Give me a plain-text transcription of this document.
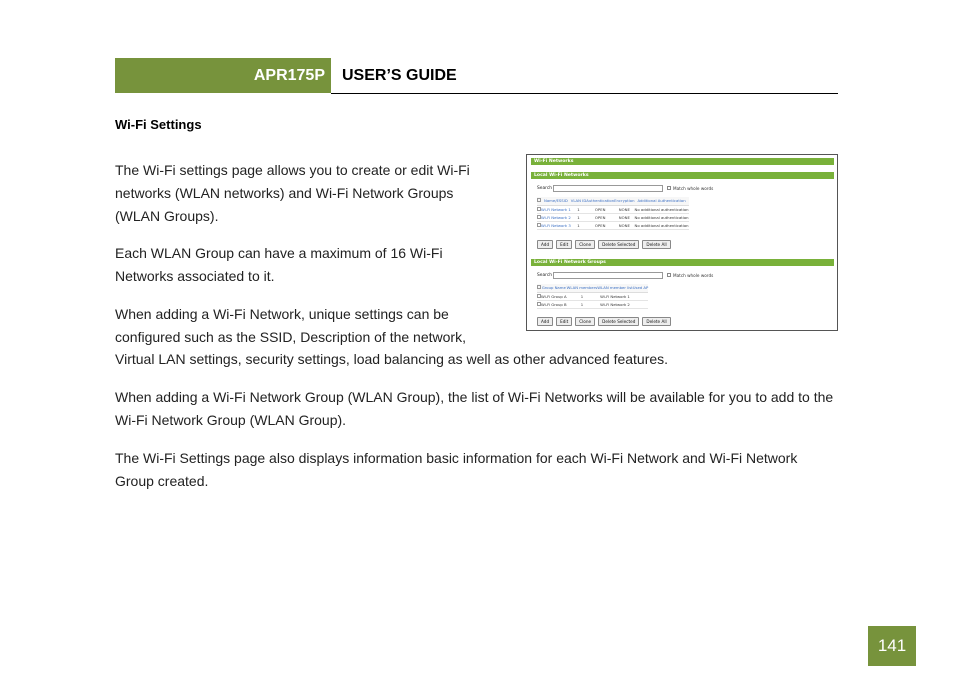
APR175P	USER’S GUIDE
Wi-Fi Settings

The Wi-Fi settings page allows you to create or edit Wi-Fi networks (WLAN networks) and Wi-Fi Network Groups (WLAN Groups).

Each WLAN Group can have a maximum of 16 Wi-Fi Networks associated to it.

When adding a Wi-Fi Network, unique settings can be configured such as the SSID, Description of the network,

Virtual LAN settings, security settings, load balancing as well as other advanced features.

When adding a Wi-Fi Network Group (WLAN Group), the list of Wi-Fi Networks will be available for you to add to the Wi-Fi Network Group (WLAN Group).

The Wi-Fi Settings page also displays information basic information for each Wi-Fi Network and Wi-Fi Network Group created.

Wi-Fi Networks
Local Wi-Fi Networks
Search	Match whole words
	Name/ESSID	VLAN ID	Authentication	Encryption	Additional Authentication
	Wi-Fi Network 1	1	OPEN	NONE	No additional authentication
	Wi-Fi Network 2	1	OPEN	NONE	No additional authentication
	Wi-Fi Network 3	1	OPEN	NONE	No additional authentication
Add	Edit	Clone	Delete Selected	Delete All
Local Wi-Fi Network Groups
Search	Match whole words
	Group Name	WLAN members	WLAN member list	Used AP
	Wi-Fi Group A	1	Wi-Fi Network 1	
	Wi-Fi Group B	1	Wi-Fi Network 2	
Add	Edit	Clone	Delete Selected	Delete All
141
